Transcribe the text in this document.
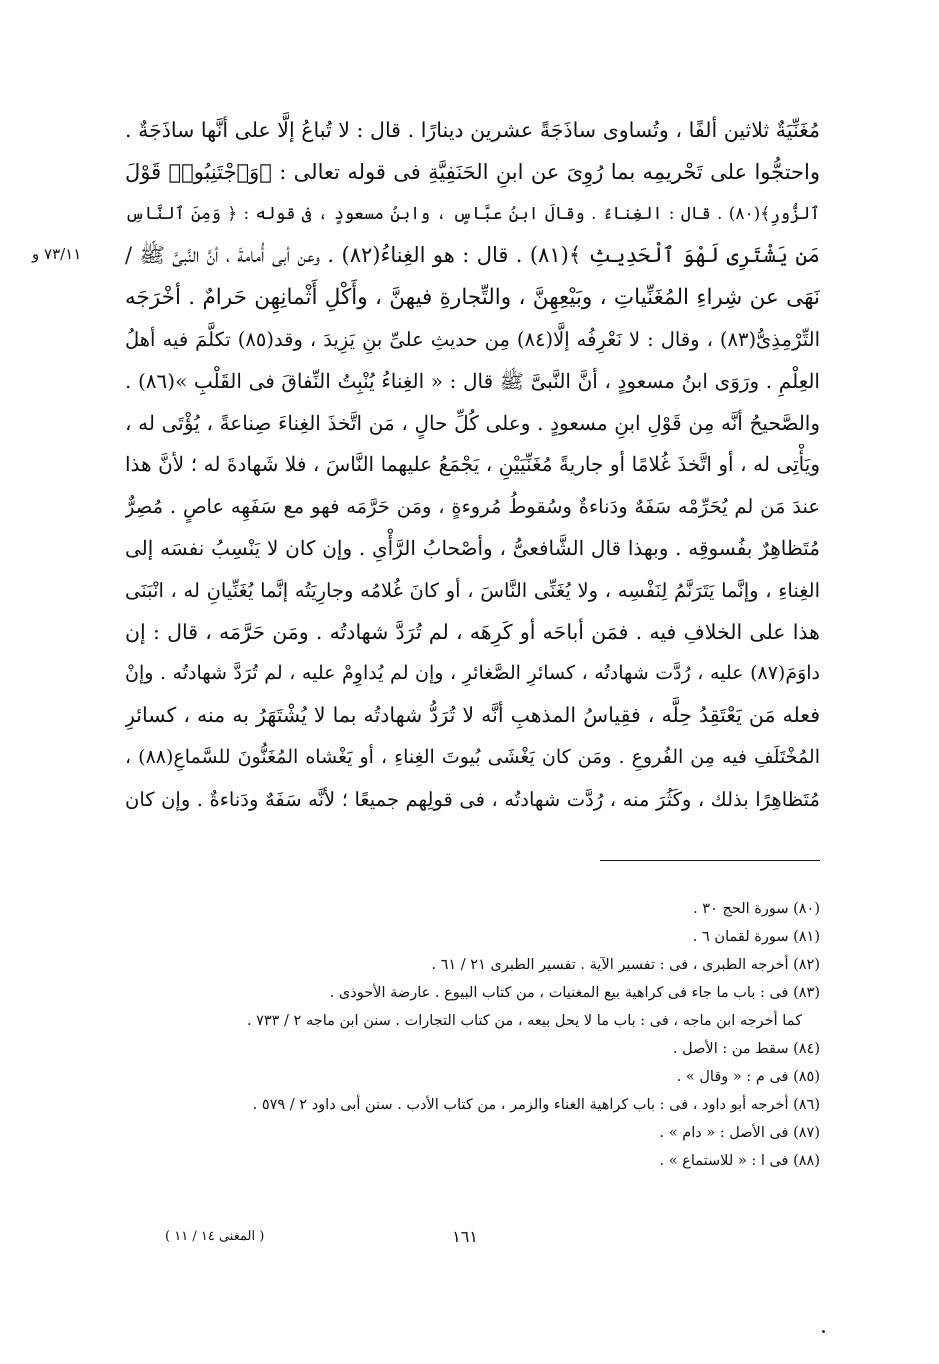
مُغَنِّيَةٌ ثلاثين ألفًا ، وتُساوى ساذَجَةً عشرين دينارًا . قال : لا تُباعُ إلَّا على أنَّها ساذَجَةٌ .
واحتجُّوا على تَحْريمِه بما رُوِىَ عن ابنِ الحَنَفِيَّةِ فى قوله تعالى : ﴿وَٱجْتَنِبُوا۟ قَوْلَ
ٱلزُّورِ﴾(٨٠) . قال : الغِناءُ . وقالَ ابنُ عبَّاسٍ ، وابنُ مسعودٍ ، فى قوله : ﴿ وَمِنَ ٱلنَّاسِ
مَن يَشْتَرِى لَهْوَ ٱلْحَدِيثِ ﴾(٨١) . قال : هو الغِناءُ(٨٢) . وعن أبى أُمامةَ ، أنَّ النَّبىَّ ﷺ /
نَهَى عن شِراءِ المُغَنِّياتِ ، وبَيْعِهِنَّ ، والتِّجارةِ فيهنَّ ، وأَكْلِ أَثْمانِهِن حَرامٌ . أخْرَجَه
التِّرْمِذِىُّ(٨٣) ، وقال : لا نَعْرِفُه إلَّا(٨٤) مِن حديثِ علىِّ بنِ يَزِيدَ ، وقد(٨٥) تكلَّمَ فيه أهلُ
العِلْمِ . ورَوَى ابنُ مسعودٍ ، أنَّ النَّبىَّ ﷺ قال : « الغِناءُ يُنْبِتُ النِّفاقَ فى القَلْبِ »(٨٦) .
والصَّحيحُ أنَّه مِن قَوْلِ ابنِ مسعودٍ . وعلى كُلِّ حالٍ ، مَن اتَّخذَ الغِناءَ صِناعةً ، يُؤْتَى له ،
ويَأْتِى له ، أو اتَّخذَ غُلامًا أو جاريةً مُغَنِّيَيْنِ ، يَجْمَعُ عليهما النَّاسَ ، فلا شَهادةَ له ؛ لأنَّ هذا
عندَ مَن لم يُحَرِّمْه سَفَهٌ ودَناءةٌ وسُقوطُ مُروءةٍ ، ومَن حَرَّمَه فهو مع سَفَهِه عاصٍ . مُصِرٌّ
مُتَظاهِرٌ بفُسوقِه . وبهذا قال الشَّافعىُّ ، وأصْحابُ الرَّأْىِ . وإن كان لا يَنْسِبُ نفسَه إلى
الغِناءِ ، وإنَّما يَتَرَنَّمُ لِنَفْسِه ، ولا يُغَنِّى النَّاسَ ، أو كانَ غُلامُه وجارِيَتُه إنَّما يُغَنِّيانِ له ، انْبَنَى
هذا على الخلافِ فيه . فمَن أباحَه أو كَرِهَه ، لم تُرَدَّ شهادتُه . ومَن حَرَّمَه ، قال : إن
داوَمَ(٨٧) عليه ، رُدَّت شهادتُه ، كسائرِ الصَّغائرِ ، وإن لم يُداوِمْ عليه ، لم تُرَدَّ شهادتُه . وإنْ
فعله مَن يَعْتَقِدُ حِلَّه ، فقِياسُ المذهبِ أنَّه لا تُرَدُّ شهادتُه بما لا يُشْتَهَرُ به منه ، كسائرِ
المُخْتَلَفِ فيه مِن الفُروعِ . ومَن كان يَغْشَى بُيوتَ الغِناءِ ، أو يَغْشاه المُغَنُّونَ للسَّماعِ(٨٨) ،
مُتَظاهِرًا بذلك ، وكَثُرَ منه ، رُدَّت شهادتُه ، فى قولِهم جميعًا ؛ لأنَّه سَفَهٌ ودَناءةٌ . وإن كان
٧٣/١١ و
(٨٠) سورة الحج ٣٠ .
(٨١) سورة لقمان ٦ .
(٨٢) أخرجه الطبرى ، فى : تفسير الآية . تفسير الطبرى ٢١ / ٦١ .
(٨٣) فى : باب ما جاء فى كراهية بيع المغنيات ، من كتاب البيوع . عارضة الأحوذى .
كما أخرجه ابن ماجه ، فى : باب ما لا يحل بيعه ، من كتاب التجارات . سنن ابن ماجه ٢ / ٧٣٣ .
(٨٤) سقط من : الأصل .
(٨٥) فى م : « وقال » .
(٨٦) أخرجه أبو داود ، فى : باب كراهية الغناء والزمر ، من كتاب الأدب . سنن أبى داود ٢ / ٥٧٩ .
(٨٧) فى الأصل : « دام » .
(٨٨) فى ا : « للاستماع » .
١٦١
( المغنى ١٤ / ١١ )
